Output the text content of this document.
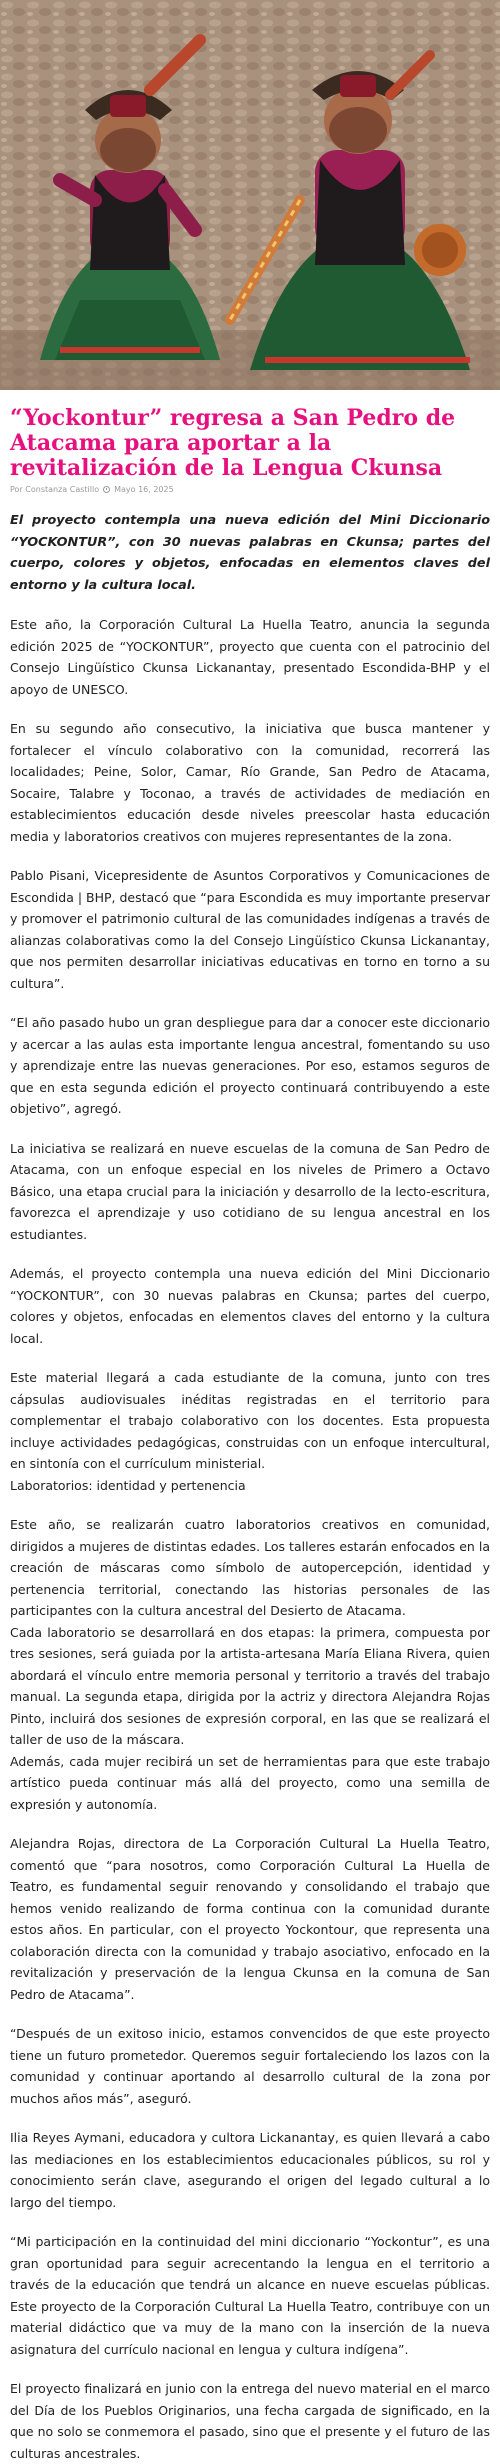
“Yockontur” regresa a San Pedro de Atacama para aportar a la revitalización de la Lengua Ckunsa
Por Constanza Castillo Mayo 16, 2025

El proyecto contempla una nueva edición del Mini Diccionario “YOCKONTUR”, con 30 nuevas palabras en Ckunsa; partes del cuerpo, colores y objetos, enfocadas en elementos claves del entorno y la cultura local.

Este año, la Corporación Cultural La Huella Teatro, anuncia la segunda edición 2025 de “YOCKONTUR”, proyecto que cuenta con el patrocinio del Consejo Lingüístico Ckunsa Lickanantay, presentado Escondida-BHP y el apoyo de UNESCO.

En su segundo año consecutivo, la iniciativa que busca mantener y fortalecer el vínculo colaborativo con la comunidad, recorrerá las localidades; Peine, Solor, Camar, Río Grande, San Pedro de Atacama, Socaire, Talabre y Toconao, a través de actividades de mediación en establecimientos educación desde niveles preescolar hasta educación media y laboratorios creativos con mujeres representantes de la zona.

Pablo Pisani, Vicepresidente de Asuntos Corporativos y Comunicaciones de Escondida | BHP, destacó que “para Escondida es muy importante preservar y promover el patrimonio cultural de las comunidades indígenas a través de alianzas colaborativas como la del Consejo Lingüístico Ckunsa Lickanantay, que nos permiten desarrollar iniciativas educativas en torno en torno a su cultura”.

“El año pasado hubo un gran despliegue para dar a conocer este diccionario y acercar a las aulas esta importante lengua ancestral, fomentando su uso y aprendizaje entre las nuevas generaciones. Por eso, estamos seguros de que en esta segunda edición el proyecto continuará contribuyendo a este objetivo”, agregó.

La iniciativa se realizará en nueve escuelas de la comuna de San Pedro de Atacama, con un enfoque especial en los niveles de Primero a Octavo Básico, una etapa crucial para la iniciación y desarrollo de la lecto-escritura, favorezca el aprendizaje y uso cotidiano de su lengua ancestral en los estudiantes.

Además, el proyecto contempla una nueva edición del Mini Diccionario “YOCKONTUR”, con 30 nuevas palabras en Ckunsa; partes del cuerpo, colores y objetos, enfocadas en elementos claves del entorno y la cultura local.

Este material llegará a cada estudiante de la comuna, junto con tres cápsulas audiovisuales inéditas registradas en el territorio para complementar el trabajo colaborativo con los docentes. Esta propuesta incluye actividades pedagógicas, construidas con un enfoque intercultural, en sintonía con el currículum ministerial.

Laboratorios: identidad y pertenencia

Este año, se realizarán cuatro laboratorios creativos en comunidad, dirigidos a mujeres de distintas edades. Los talleres estarán enfocados en la creación de máscaras como símbolo de autopercepción, identidad y pertenencia territorial, conectando las historias personales de las participantes con la cultura ancestral del Desierto de Atacama.

Cada laboratorio se desarrollará en dos etapas: la primera, compuesta por tres sesiones, será guiada por la artista-artesana María Eliana Rivera, quien abordará el vínculo entre memoria personal y territorio a través del trabajo manual. La segunda etapa, dirigida por la actriz y directora Alejandra Rojas Pinto, incluirá dos sesiones de expresión corporal, en las que se realizará el taller de uso de la máscara.

Además, cada mujer recibirá un set de herramientas para que este trabajo artístico pueda continuar más allá del proyecto, como una semilla de expresión y autonomía.

Alejandra Rojas, directora de La Corporación Cultural La Huella Teatro, comentó que “para nosotros, como Corporación Cultural La Huella de Teatro, es fundamental seguir renovando y consolidando el trabajo que hemos venido realizando de forma continua con la comunidad durante estos años. En particular, con el proyecto Yockontour, que representa una colaboración directa con la comunidad y trabajo asociativo, enfocado en la revitalización y preservación de la lengua Ckunsa en la comuna de San Pedro de Atacama”.

“Después de un exitoso inicio, estamos convencidos de que este proyecto tiene un futuro prometedor. Queremos seguir fortaleciendo los lazos con la comunidad y continuar aportando al desarrollo cultural de la zona por muchos años más”, aseguró.

Ilia Reyes Aymani, educadora y cultora Lickanantay, es quien llevará a cabo las mediaciones en los establecimientos educacionales públicos, su rol y conocimiento serán clave, asegurando el origen del legado cultural a lo largo del tiempo.

“Mi participación en la continuidad del mini diccionario “Yockontur”, es una gran oportunidad para seguir acrecentando la lengua en el territorio a través de la educación que tendrá un alcance en nueve escuelas públicas. Este proyecto de la Corporación Cultural La Huella Teatro, contribuye con un material didáctico que va muy de la mano con la inserción de la nueva asignatura del currículo nacional en lengua y cultura indígena”.

El proyecto finalizará en junio con la entrega del nuevo material en el marco del Día de los Pueblos Originarios, una fecha cargada de significado, en la que no solo se conmemora el pasado, sino que el presente y el futuro de las culturas ancestrales.
